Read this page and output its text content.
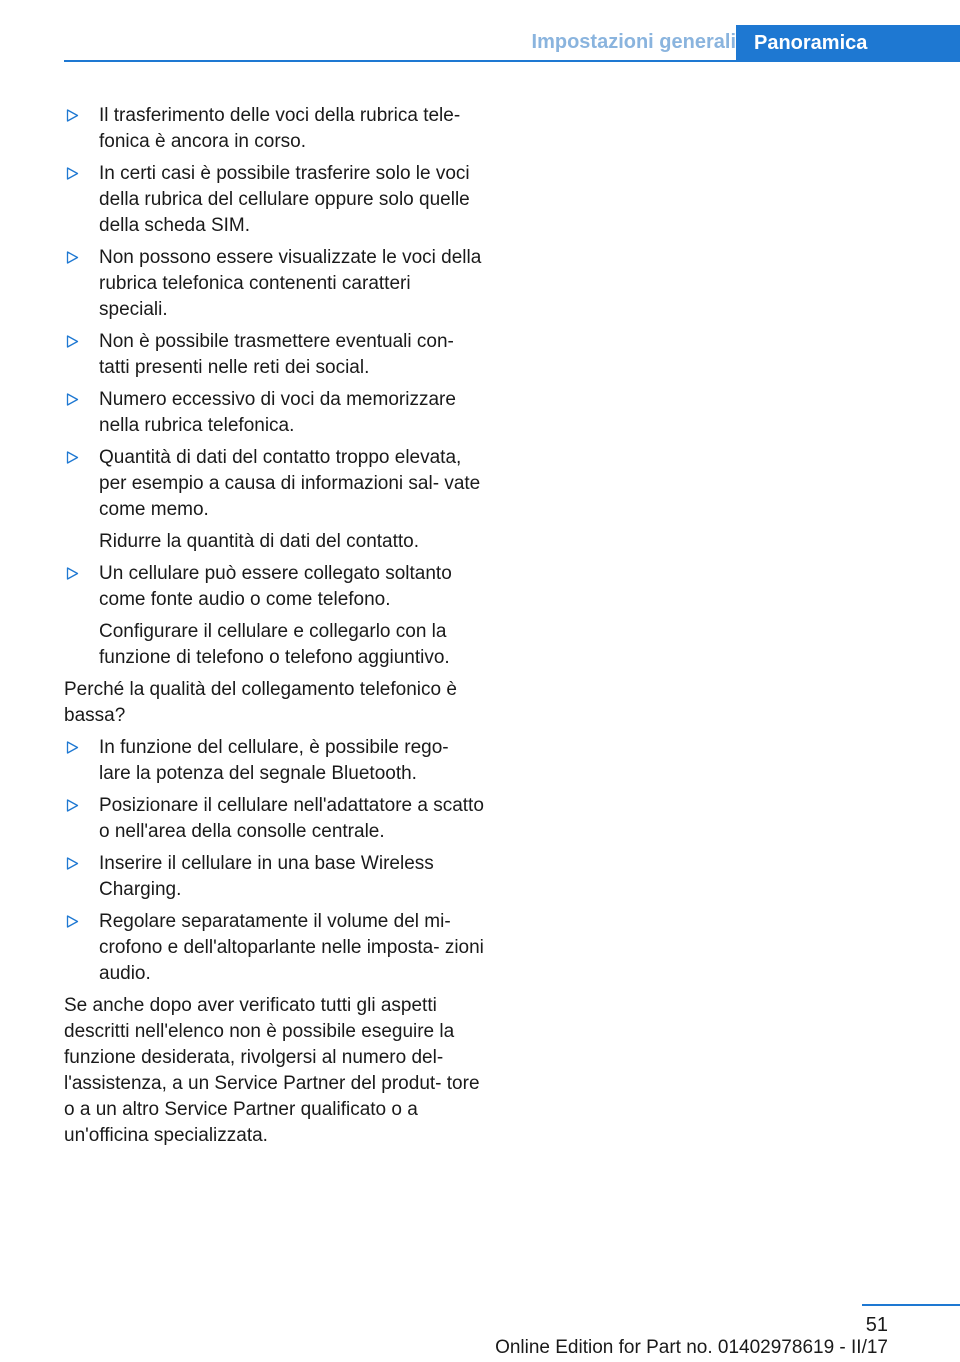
Impostazioni generali Panoramica

Il trasferimento delle voci della rubrica tele‐ fonica è ancora in corso.

In certi casi è possibile trasferire solo le voci della rubrica del cellulare oppure solo quelle della scheda SIM.

Non possono essere visualizzate le voci della rubrica telefonica contenenti caratteri speciali.

Non è possibile trasmettere eventuali con‐ tatti presenti nelle reti dei social.

Numero eccessivo di voci da memorizzare nella rubrica telefonica.

Quantità di dati del contatto troppo elevata, per esempio a causa di informazioni sal‐ vate come memo.

Ridurre la quantità di dati del contatto.

Un cellulare può essere collegato soltanto come fonte audio o come telefono.

Configurare il cellulare e collegarlo con la funzione di telefono o telefono aggiuntivo.

Perché la qualità del collegamento telefonico è bassa?

In funzione del cellulare, è possibile rego‐ lare la potenza del segnale Bluetooth.

Posizionare il cellulare nell'adattatore a scatto o nell'area della consolle centrale.

Inserire il cellulare in una base Wireless Charging.

Regolare separatamente il volume del mi‐ crofono e dell'altoparlante nelle imposta‐ zioni audio.

Se anche dopo aver verificato tutti gli aspetti descritti nell'elenco non è possibile eseguire la funzione desiderata, rivolgersi al numero del‐ l'assistenza, a un Service Partner del produt‐ tore o a un altro Service Partner qualificato o a un'officina specializzata.
51
Online Edition for Part no. 01402978619 - II/17
